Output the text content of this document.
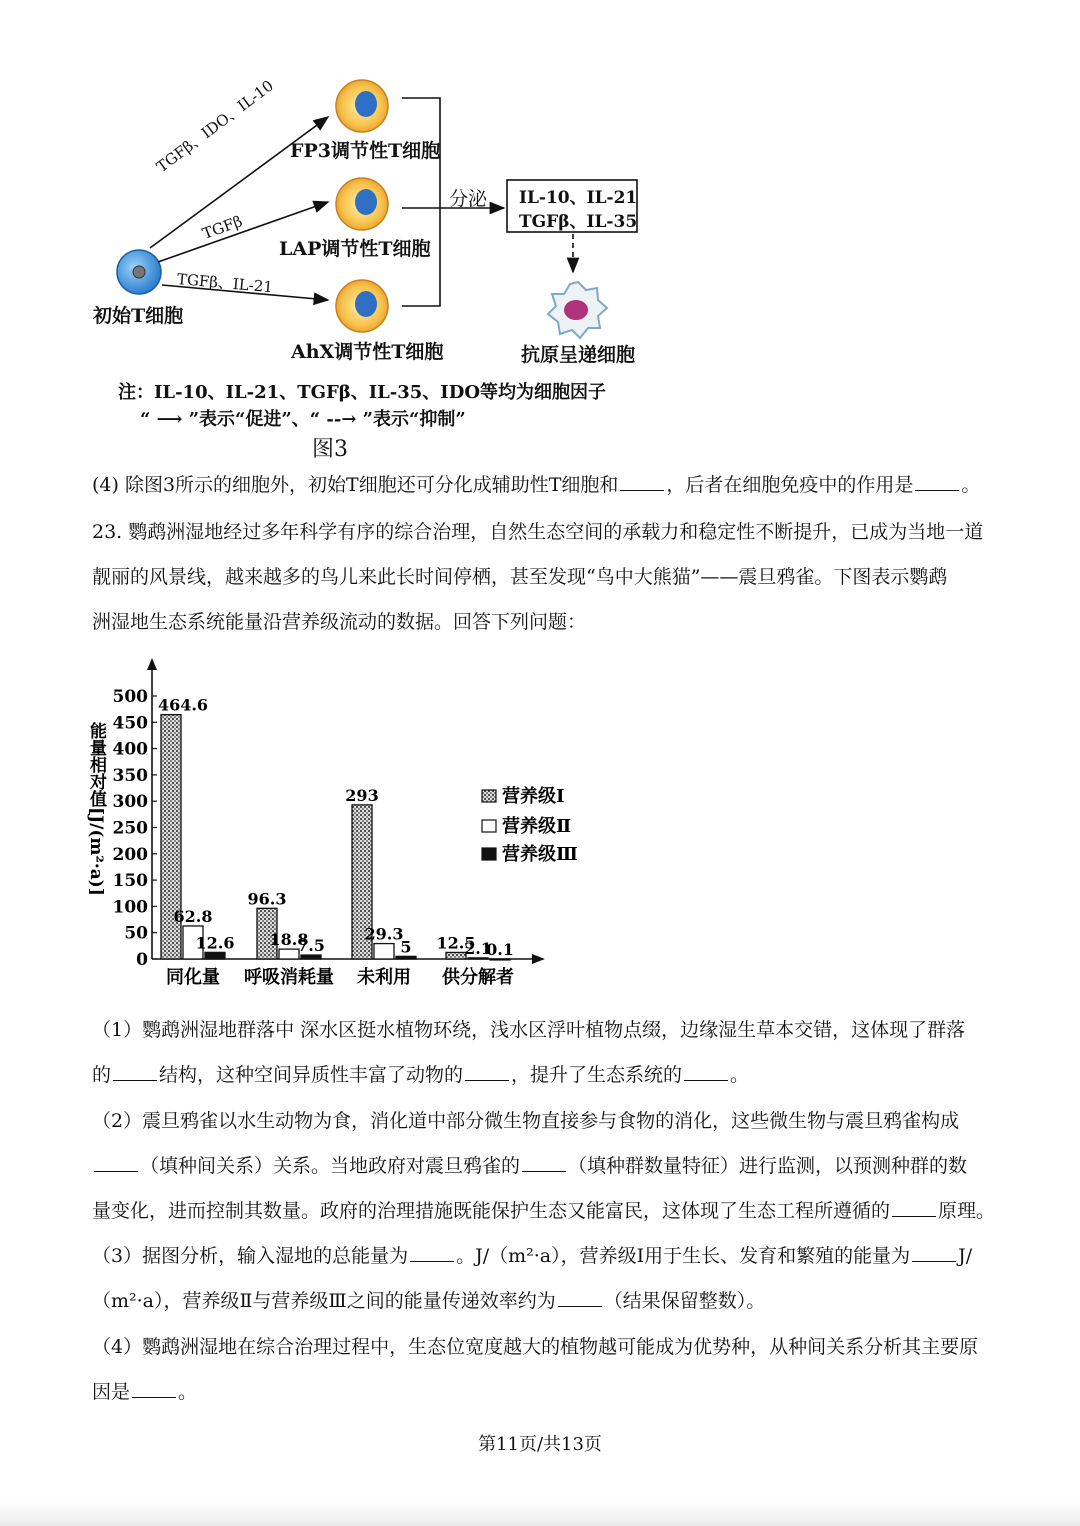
初始T细胞
FP3调节性T细胞
LAP调节性T细胞
AhX调节性T细胞	抗原呈递细胞
TGFβ、IDO、IL-10
TGFβ
TGFβ、IL-21
分泌 IL-10、IL-21
TGFβ、IL-35
注：IL-10、IL-21、TGFβ、IL-35、IDO等均为细胞因子
“ ⟶ ”表示“促进”、“ --→ ”表示“抑制”
图3
(4) 除图3所示的细胞外，初始T细胞还可分化成辅助性T细胞和	，后者在细胞免疫中的作用是	。
23. 鹦鹉洲湿地经过多年科学有序的综合治理，自然生态空间的承载力和稳定性不断提升，已成为当地一道
靓丽的风景线，越来越多的鸟儿来此长时间停栖，甚至发现“鸟中大熊猫”——震旦鸦雀。下图表示鹦鹉
洲湿地生态系统能量沿营养级流动的数据。回答下列问题：
0
50
100
150
200
250
300
350
400
450
500
能量相对值[J/(m²·a)]
464.6
62.8
12.6
同化量
96.3
18.8
7.5
呼吸消耗量
293
29.3
5
未利用
12.5
2.1
0.1
供分解者
营养级Ⅰ
营养级Ⅱ
营养级Ⅲ
（1）鹦鹉洲湿地群落中 深水区挺水植物环绕，浅水区浮叶植物点缀，边缘湿生草本交错，这体现了群落
的	结构，这种空间异质性丰富了动物的	，提升了生态系统的	。
（2）震旦鸦雀以水生动物为食，消化道中部分微生物直接参与食物的消化，这些微生物与震旦鸦雀构成
（填种间关系）关系。当地政府对震旦鸦雀的	（填种群数量特征）进行监测，以预测种群的数
量变化，进而控制其数量。政府的治理措施既能保护生态又能富民，这体现了生态工程所遵循的	原理。
（3）据图分析，输入湿地的总能量为	。J/（m²·a），营养级Ⅰ用于生长、发育和繁殖的能量为	J/
（m²·a），营养级Ⅱ与营养级Ⅲ之间的能量传递效率约为	（结果保留整数）。
（4）鹦鹉洲湿地在综合治理过程中，生态位宽度越大的植物越可能成为优势种，从种间关系分析其主要原
因是	。
第11页/共13页
